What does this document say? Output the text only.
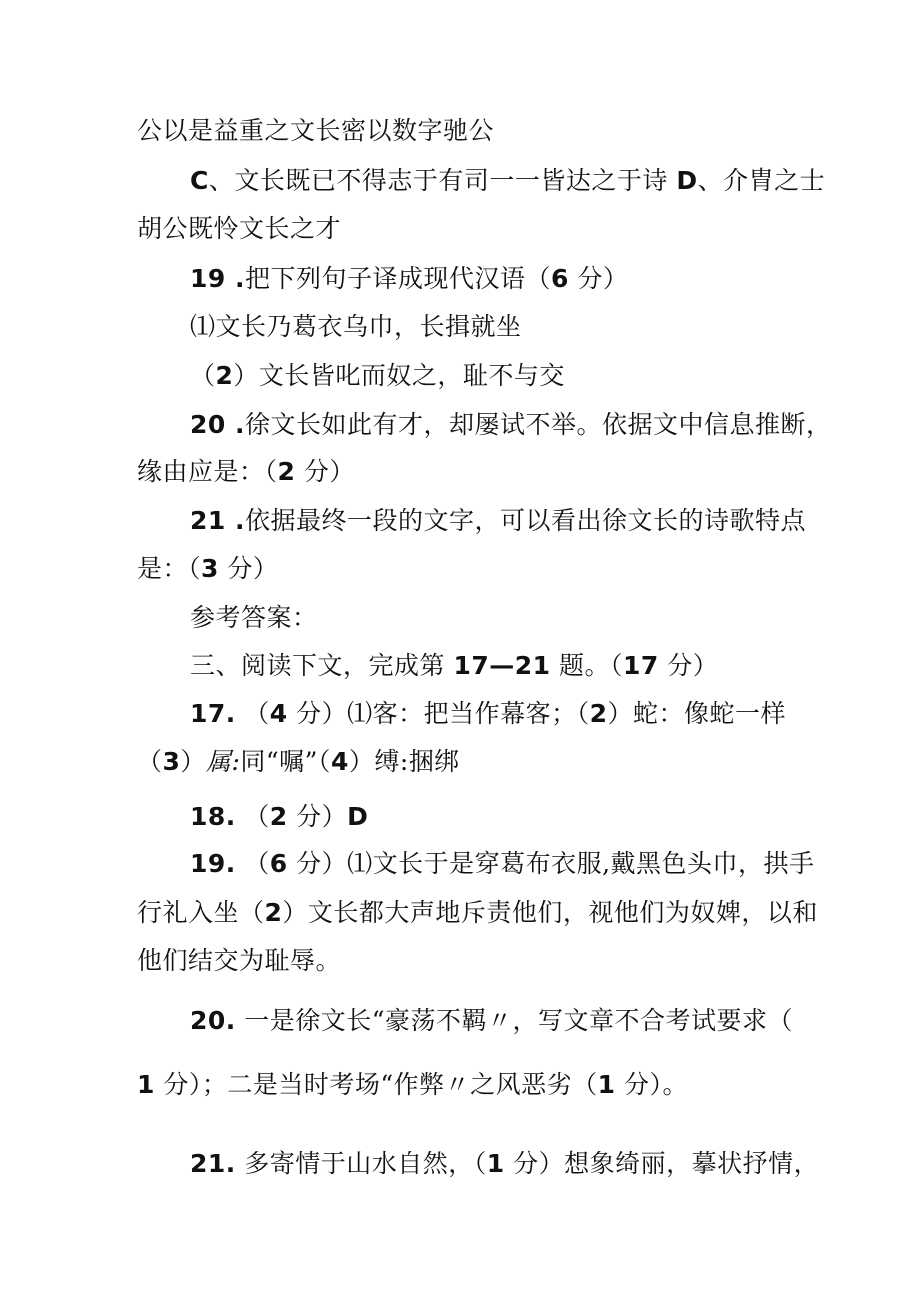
公以是益重之文长密以数字驰公
C、文长既已不得志于有司一一皆达之于诗 D、介胄之士
胡公既怜文长之才
19 .把下列句子译成现代汉语（6 分）
⑴文长乃葛衣乌巾，长揖就坐
（2）文长皆叱而奴之，耻不与交
20 .徐文长如此有才，却屡试不举。依据文中信息推断，
缘由应是：（2 分）
21 .依据最终一段的文字，可以看出徐文长的诗歌特点
是：（3 分）
参考答案：
三、阅读下文，完成第 17—21 题。（17 分）
17. （4 分）⑴客：把当作幕客；（2）蛇：像蛇一样
（3）属:同“嘱”（4）缚:捆绑
18. （2 分）D
19. （6 分）⑴文长于是穿葛布衣服,戴黑色头巾，拱手
行礼入坐（2）文长都大声地斥责他们，视他们为奴婢，以和
他们结交为耻辱。
20. 一是徐文长“豪荡不羁〃，写文章不合考试要求（
1 分）；二是当时考场“作弊〃之风恶劣（1 分）。
21. 多寄情于山水自然，（1 分）想象绮丽，摹状抒情，
